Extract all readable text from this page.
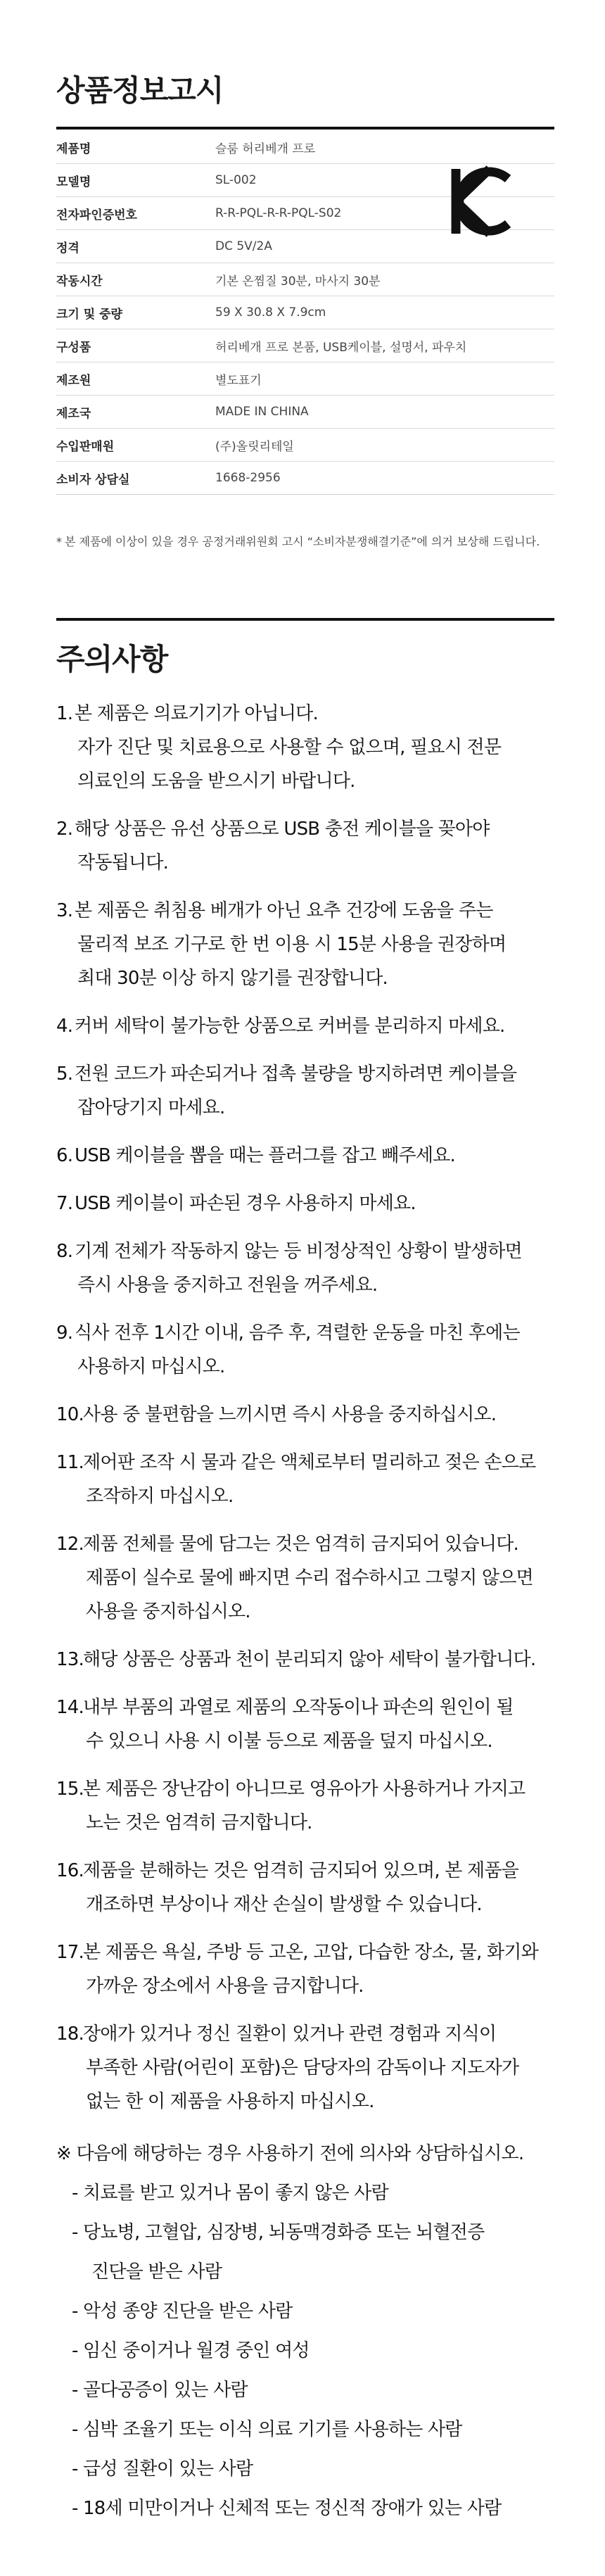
상품정보고시
제품명	슬룸 허리베개 프로
모델명	SL-002
전자파인증번호	R-R-PQL-R-R-PQL-S02
정격	DC 5V/2A
작동시간	기본 온찜질 30분, 마사지 30분
크기 및 중량	59 X 30.8 X 7.9cm
구성품	허리베개 프로 본품, USB케이블, 설명서, 파우치
제조원	별도표기
제조국	MADE IN CHINA
수입판매원	(주)올릿리테일
소비자 상담실	1668-2956
* 본 제품에 이상이 있을 경우 공정거래위원회 고시 “소비자분쟁해결기준”에 의거 보상해 드립니다.
주의사항
1. 본 제품은 의료기기가 아닙니다.
자가 진단 및 치료용으로 사용할 수 없으며, 필요시 전문
의료인의 도움을 받으시기 바랍니다.
2. 해당 상품은 유선 상품으로 USB 충전 케이블을 꽂아야
작동됩니다.
3. 본 제품은 취침용 베개가 아닌 요추 건강에 도움을 주는
물리적 보조 기구로 한 번 이용 시 15분 사용을 권장하며
최대 30분 이상 하지 않기를 권장합니다.
4. 커버 세탁이 불가능한 상품으로 커버를 분리하지 마세요.
5. 전원 코드가 파손되거나 접촉 불량을 방지하려면 케이블을
잡아당기지 마세요.
6. USB 케이블을 뽑을 때는 플러그를 잡고 빼주세요.
7. USB 케이블이 파손된 경우 사용하지 마세요.
8. 기계 전체가 작동하지 않는 등 비정상적인 상황이 발생하면
즉시 사용을 중지하고 전원을 꺼주세요.
9. 식사 전후 1시간 이내, 음주 후, 격렬한 운동을 마친 후에는
사용하지 마십시오.
10. 사용 중 불편함을 느끼시면 즉시 사용을 중지하십시오.
11. 제어판 조작 시 물과 같은 액체로부터 멀리하고 젖은 손으로
조작하지 마십시오.
12. 제품 전체를 물에 담그는 것은 엄격히 금지되어 있습니다.
제품이 실수로 물에 빠지면 수리 접수하시고 그렇지 않으면
사용을 중지하십시오.
13. 해당 상품은 상품과 천이 분리되지 않아 세탁이 불가합니다.
14. 내부 부품의 과열로 제품의 오작동이나 파손의 원인이 될
수 있으니 사용 시 이불 등으로 제품을 덮지 마십시오.
15. 본 제품은 장난감이 아니므로 영유아가 사용하거나 가지고
노는 것은 엄격히 금지합니다.
16. 제품을 분해하는 것은 엄격히 금지되어 있으며, 본 제품을
개조하면 부상이나 재산 손실이 발생할 수 있습니다.
17. 본 제품은 욕실, 주방 등 고온, 고압, 다습한 장소, 물, 화기와
가까운 장소에서 사용을 금지합니다.
18. 장애가 있거나 정신 질환이 있거나 관련 경험과 지식이
부족한 사람(어린이 포함)은 담당자의 감독이나 지도자가
없는 한 이 제품을 사용하지 마십시오.
※ 다음에 해당하는 경우 사용하기 전에 의사와 상담하십시오.
- 치료를 받고 있거나 몸이 좋지 않은 사람
- 당뇨병, 고혈압, 심장병, 뇌동맥경화증 또는 뇌혈전증
진단을 받은 사람
- 악성 종양 진단을 받은 사람
- 임신 중이거나 월경 중인 여성
- 골다공증이 있는 사람
- 심박 조율기 또는 이식 의료 기기를 사용하는 사람
- 급성 질환이 있는 사람
- 18세 미만이거나 신체적 또는 정신적 장애가 있는 사람
